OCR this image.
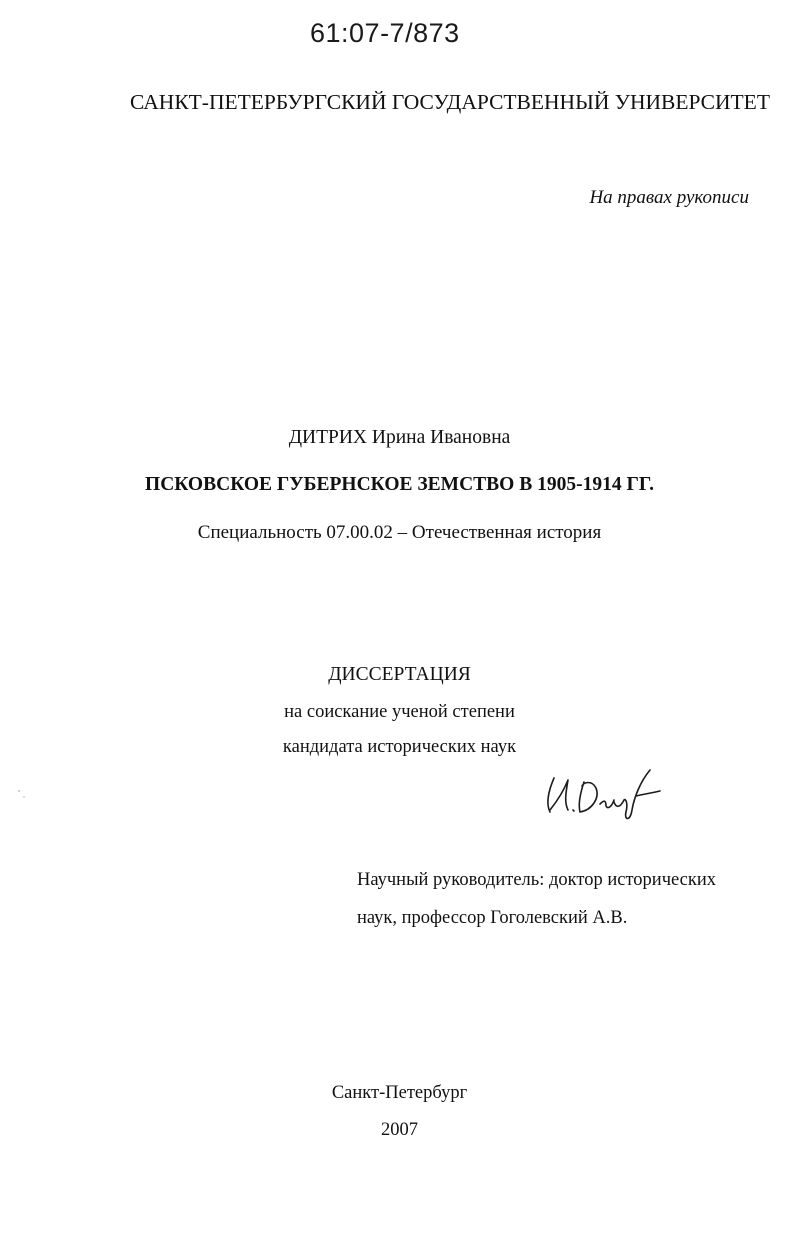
61:07-7/873
САНКТ-ПЕТЕРБУРГСКИЙ ГОСУДАРСТВЕННЫЙ УНИВЕРСИТЕТ
На правах рукописи
ДИТРИХ Ирина Ивановна
ПСКОВСКОЕ ГУБЕРНСКОЕ ЗЕМСТВО В 1905-1914 ГГ.
Специальность 07.00.02 – Отечественная история
ДИССЕРТАЦИЯ
на соискание ученой степени
кандидата исторических наук
Научный руководитель: доктор исторических
наук, профессор Гоголевский А.В.
Санкт-Петербург
2007
